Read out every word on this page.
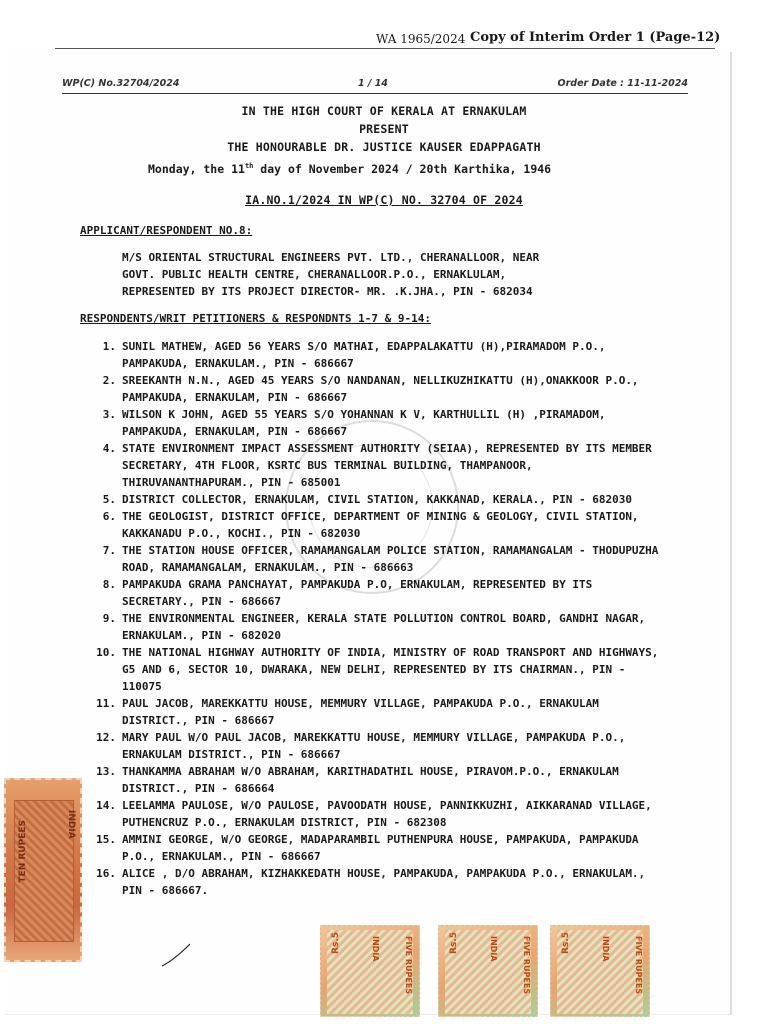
WA 1965/2024 Copy of Interim Order 1 (Page-12)
WP(C) No.32704/2024	1 / 14	Order Date : 11-11-2024
IN THE HIGH COURT OF KERALA AT ERNAKULAM
PRESENT
THE HONOURABLE DR. JUSTICE KAUSER EDAPPAGATH
Monday, the 11th day of November 2024 / 20th Karthika, 1946
IA.NO.1/2024 IN WP(C) NO. 32704 OF 2024
APPLICANT/RESPONDENT NO.8:
M/S ORIENTAL STRUCTURAL ENGINEERS PVT. LTD., CHERANALLOOR, NEAR
GOVT. PUBLIC HEALTH CENTRE, CHERANALLOOR.P.O., ERNAKLULAM,
REPRESENTED BY ITS PROJECT DIRECTOR- MR. .K.JHA., PIN - 682034
RESPONDENTS/WRIT PETITIONERS & RESPONDNTS 1-7 & 9-14:
1. SUNIL MATHEW, AGED 56 YEARS S/O MATHAI, EDAPPALAKATTU (H),PIRAMADOM P.O., PAMPAKUDA, ERNAKULAM., PIN - 686667
2. SREEKANTH N.N., AGED 45 YEARS S/O NANDANAN, NELLIKUZHIKATTU (H),ONAKKOOR P.O., PAMPAKUDA, ERNAKULAM, PIN - 686667
3. WILSON K JOHN, AGED 55 YEARS S/O YOHANNAN K V, KARTHULLIL (H) ,PIRAMADOM, PAMPAKUDA, ERNAKULAM, PIN - 686667
4. STATE ENVIRONMENT IMPACT ASSESSMENT AUTHORITY (SEIAA), REPRESENTED BY ITS MEMBER SECRETARY, 4TH FLOOR, KSRTC BUS TERMINAL BUILDING, THAMPANOOR, THIRUVANANTHAPURAM., PIN - 685001
5. DISTRICT COLLECTOR, ERNAKULAM, CIVIL STATION, KAKKANAD, KERALA., PIN - 682030
6. THE GEOLOGIST, DISTRICT OFFICE, DEPARTMENT OF MINING & GEOLOGY, CIVIL STATION, KAKKANADU P.O., KOCHI., PIN - 682030
7. THE STATION HOUSE OFFICER, RAMAMANGALAM POLICE STATION, RAMAMANGALAM - THODUPUZHA ROAD, RAMAMANGALAM, ERNAKULAM., PIN - 686663
8. PAMPAKUDA GRAMA PANCHAYAT, PAMPAKUDA P.O, ERNAKULAM, REPRESENTED BY ITS SECRETARY., PIN - 686667
9. THE ENVIRONMENTAL ENGINEER, KERALA STATE POLLUTION CONTROL BOARD, GANDHI NAGAR, ERNAKULAM., PIN - 682020
10. THE NATIONAL HIGHWAY AUTHORITY OF INDIA, MINISTRY OF ROAD TRANSPORT AND HIGHWAYS, G5 AND 6, SECTOR 10, DWARAKA, NEW DELHI, REPRESENTED BY ITS CHAIRMAN., PIN - 110075
11. PAUL JACOB, MAREKKATTU HOUSE, MEMMURY VILLAGE, PAMPAKUDA P.O., ERNAKULAM DISTRICT., PIN - 686667
12. MARY PAUL W/O PAUL JACOB, MAREKKATTU HOUSE, MEMMURY VILLAGE, PAMPAKUDA P.O., ERNAKULAM DISTRICT., PIN - 686667
13. THANKAMMA ABRAHAM W/O ABRAHAM, KARITHADATHIL HOUSE, PIRAVOM.P.O., ERNAKULAM DISTRICT., PIN - 686664
14. LEELAMMA PAULOSE, W/O PAULOSE, PAVOODATH HOUSE, PANNIKKUZHI, AIKKARANAD VILLAGE, PUTHENCRUZ P.O., ERNAKULAM DISTRICT, PIN - 682308
15. AMMINI GEORGE, W/O GEORGE, MADAPARAMBIL PUTHENPURA HOUSE, PAMPAKUDA, PAMPAKUDA P.O., ERNAKULAM., PIN - 686667
16. ALICE , D/O ABRAHAM, KIZHAKKEDATH HOUSE, PAMPAKUDA, PAMPAKUDA P.O., ERNAKULAM., PIN - 686667.
INDIA
TEN RUPEES
Rs.5	INDIA	FIVE RUPEES	Rs.5	INDIA	FIVE RUPEES	Rs.5	INDIA	FIVE RUPEES
